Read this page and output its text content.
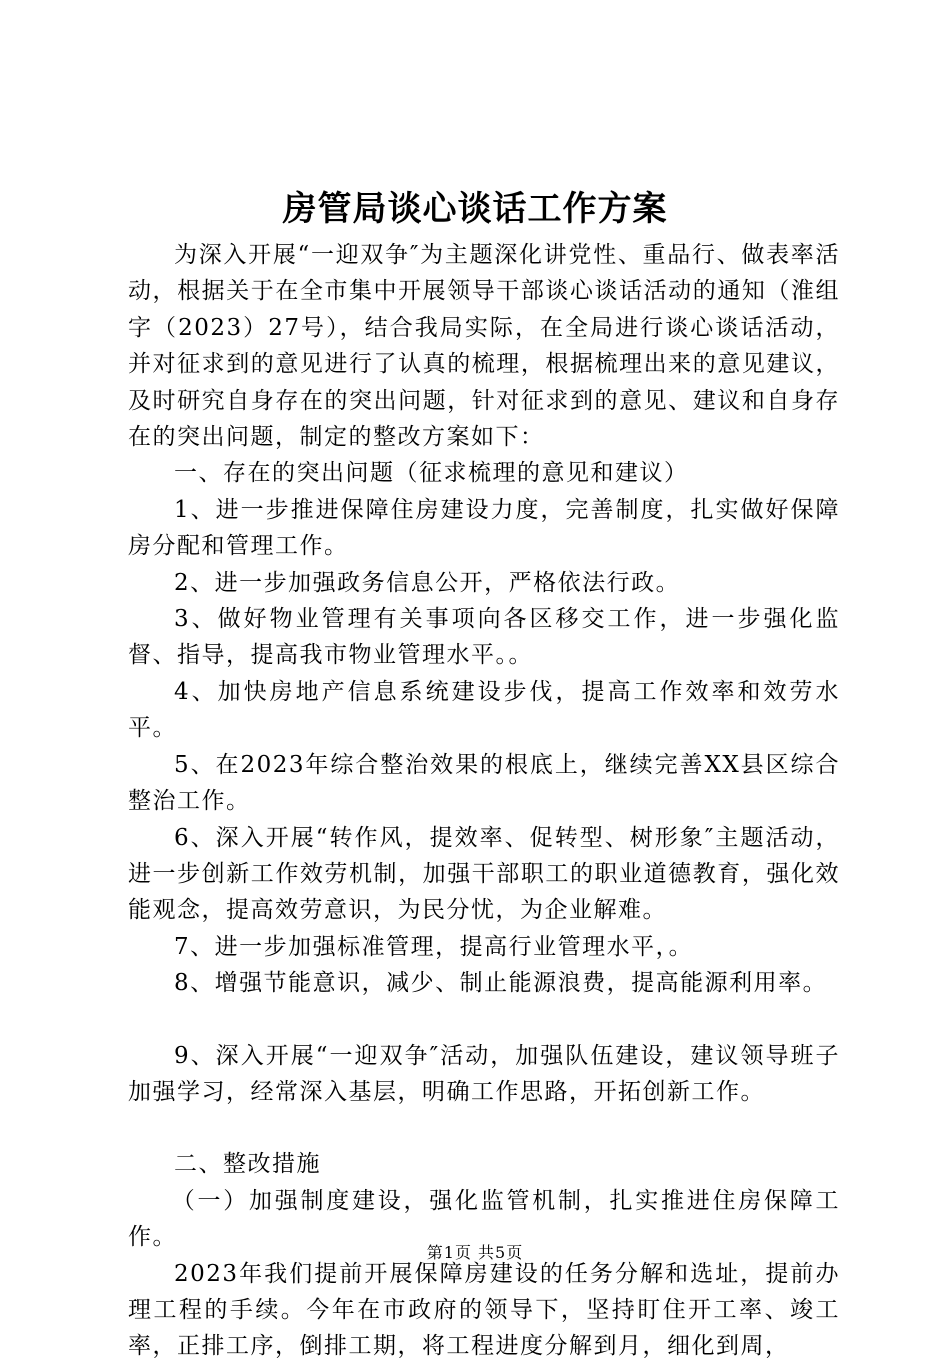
房管局谈心谈话工作方案

为深入开展“一迎双争″为主题深化讲党性、重品行、做表率活动，根据关于在全市集中开展领导干部谈心谈话活动的通知（淮组字（2023）27号），结合我局实际，在全局进行谈心谈话活动，并对征求到的意见进行了认真的梳理，根据梳理出来的意见建议，及时研究自身存在的突出问题，针对征求到的意见、建议和自身存在的突出问题，制定的整改方案如下：

一、存在的突出问题（征求梳理的意见和建议）

1、进一步推进保障住房建设力度，完善制度，扎实做好保障房分配和管理工作。

2、进一步加强政务信息公开，严格依法行政。

3、做好物业管理有关事项向各区移交工作，进一步强化监督、指导，提高我市物业管理水平。。

4、加快房地产信息系统建设步伐，提高工作效率和效劳水平。

5、在2023年综合整治效果的根底上，继续完善XX县区综合整治工作。

6、深入开展“转作风，提效率、促转型、树形象″主题活动，进一步创新工作效劳机制，加强干部职工的职业道德教育，强化效能观念，提高效劳意识，为民分忧，为企业解难。

7、进一步加强标准管理，提高行业管理水平，。

8、增强节能意识，减少、制止能源浪费，提高能源利用率。

9、深入开展“一迎双争″活动，加强队伍建设，建议领导班子加强学习，经常深入基层，明确工作思路，开拓创新工作。

二、整改措施

（一）加强制度建设，强化监管机制，扎实推进住房保障工作。

2023年我们提前开展保障房建设的任务分解和选址，提前办理工程的手续。今年在市政府的领导下，坚持盯住开工率、竣工率，正排工序，倒排工期，将工程进度分解到月，细化到周，

第1页 共5页
